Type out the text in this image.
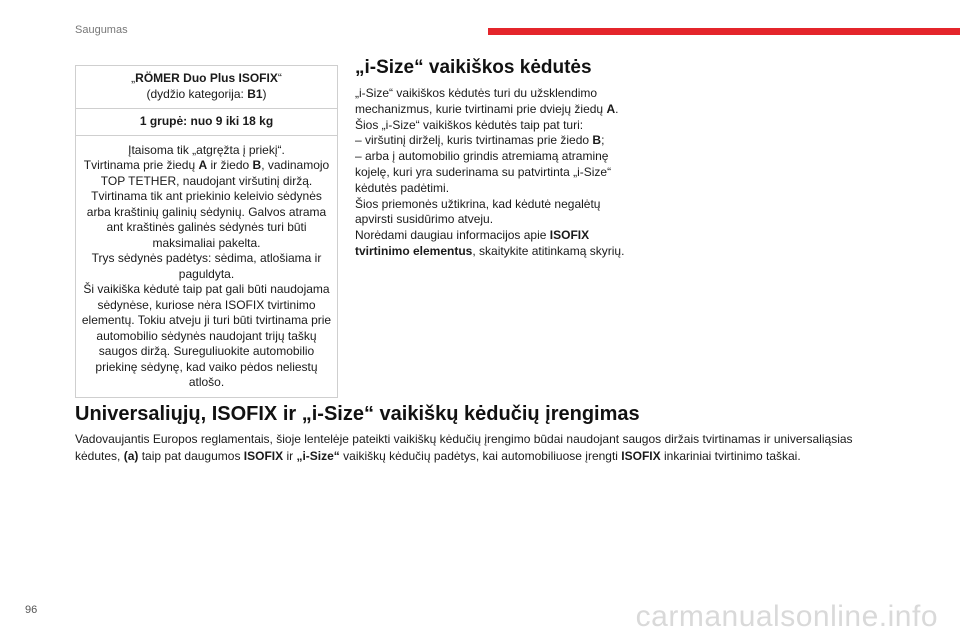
Saugumas
„RÖMER Duo Plus ISOFIX“
(dydžio kategorija: B1)
1 grupė: nuo 9 iki 18 kg
Įtaisoma tik „atgręžta į priekį“.
Tvirtinama prie žiedų A ir žiedo B, vadinamojo TOP TETHER, naudojant viršutinį diržą.
Tvirtinama tik ant priekinio keleivio sėdynės arba kraštinių galinių sėdynių. Galvos atrama ant kraštinės galinės sėdynės turi būti maksimaliai pakelta.
Trys sėdynės padėtys: sėdima, atlošiama ir paguldyta.
Ši vaikiška kėdutė taip pat gali būti naudojama sėdynėse, kuriose nėra ISOFIX tvirtinimo elementų. Tokiu atveju ji turi būti tvirtinama prie automobilio sėdynės naudojant trijų taškų saugos diržą. Sureguliuokite automobilio priekinę sėdynę, kad vaiko pėdos neliestų atlošo.
„i-Size“ vaikiškos kėdutės

„i-Size“ vaikiškos kėdutės turi du užsklendimo mechanizmus, kurie tvirtinami prie dviejų žiedų A.

Šios „i-Size“ vaikiškos kėdutės taip pat turi:

– viršutinį dirželį, kuris tvirtinamas prie žiedo B;

– arba į automobilio grindis atremiamą atraminę kojelę, kuri yra suderinama su patvirtinta „i-Size“ kėdutės padėtimi.

Šios priemonės užtikrina, kad kėdutė negalėtų apvirsti susidūrimo atveju.

Norėdami daugiau informacijos apie ISOFIX tvirtinimo elementus, skaitykite atitinkamą skyrių.

Universaliųjų, ISOFIX ir „i-Size“ vaikiškų kėdučių įrengimas
Vadovaujantis Europos reglamentais, šioje lentelėje pateikti vaikiškų kėdučių įrengimo būdai naudojant saugos diržais tvirtinamas ir universaliąsias kėdutes, (a) taip pat daugumos ISOFIX ir „i-Size“ vaikiškų kėdučių padėtys, kai automobiliuose įrengti ISOFIX inkariniai tvirtinimo taškai.
96	carmanualsonline.info
